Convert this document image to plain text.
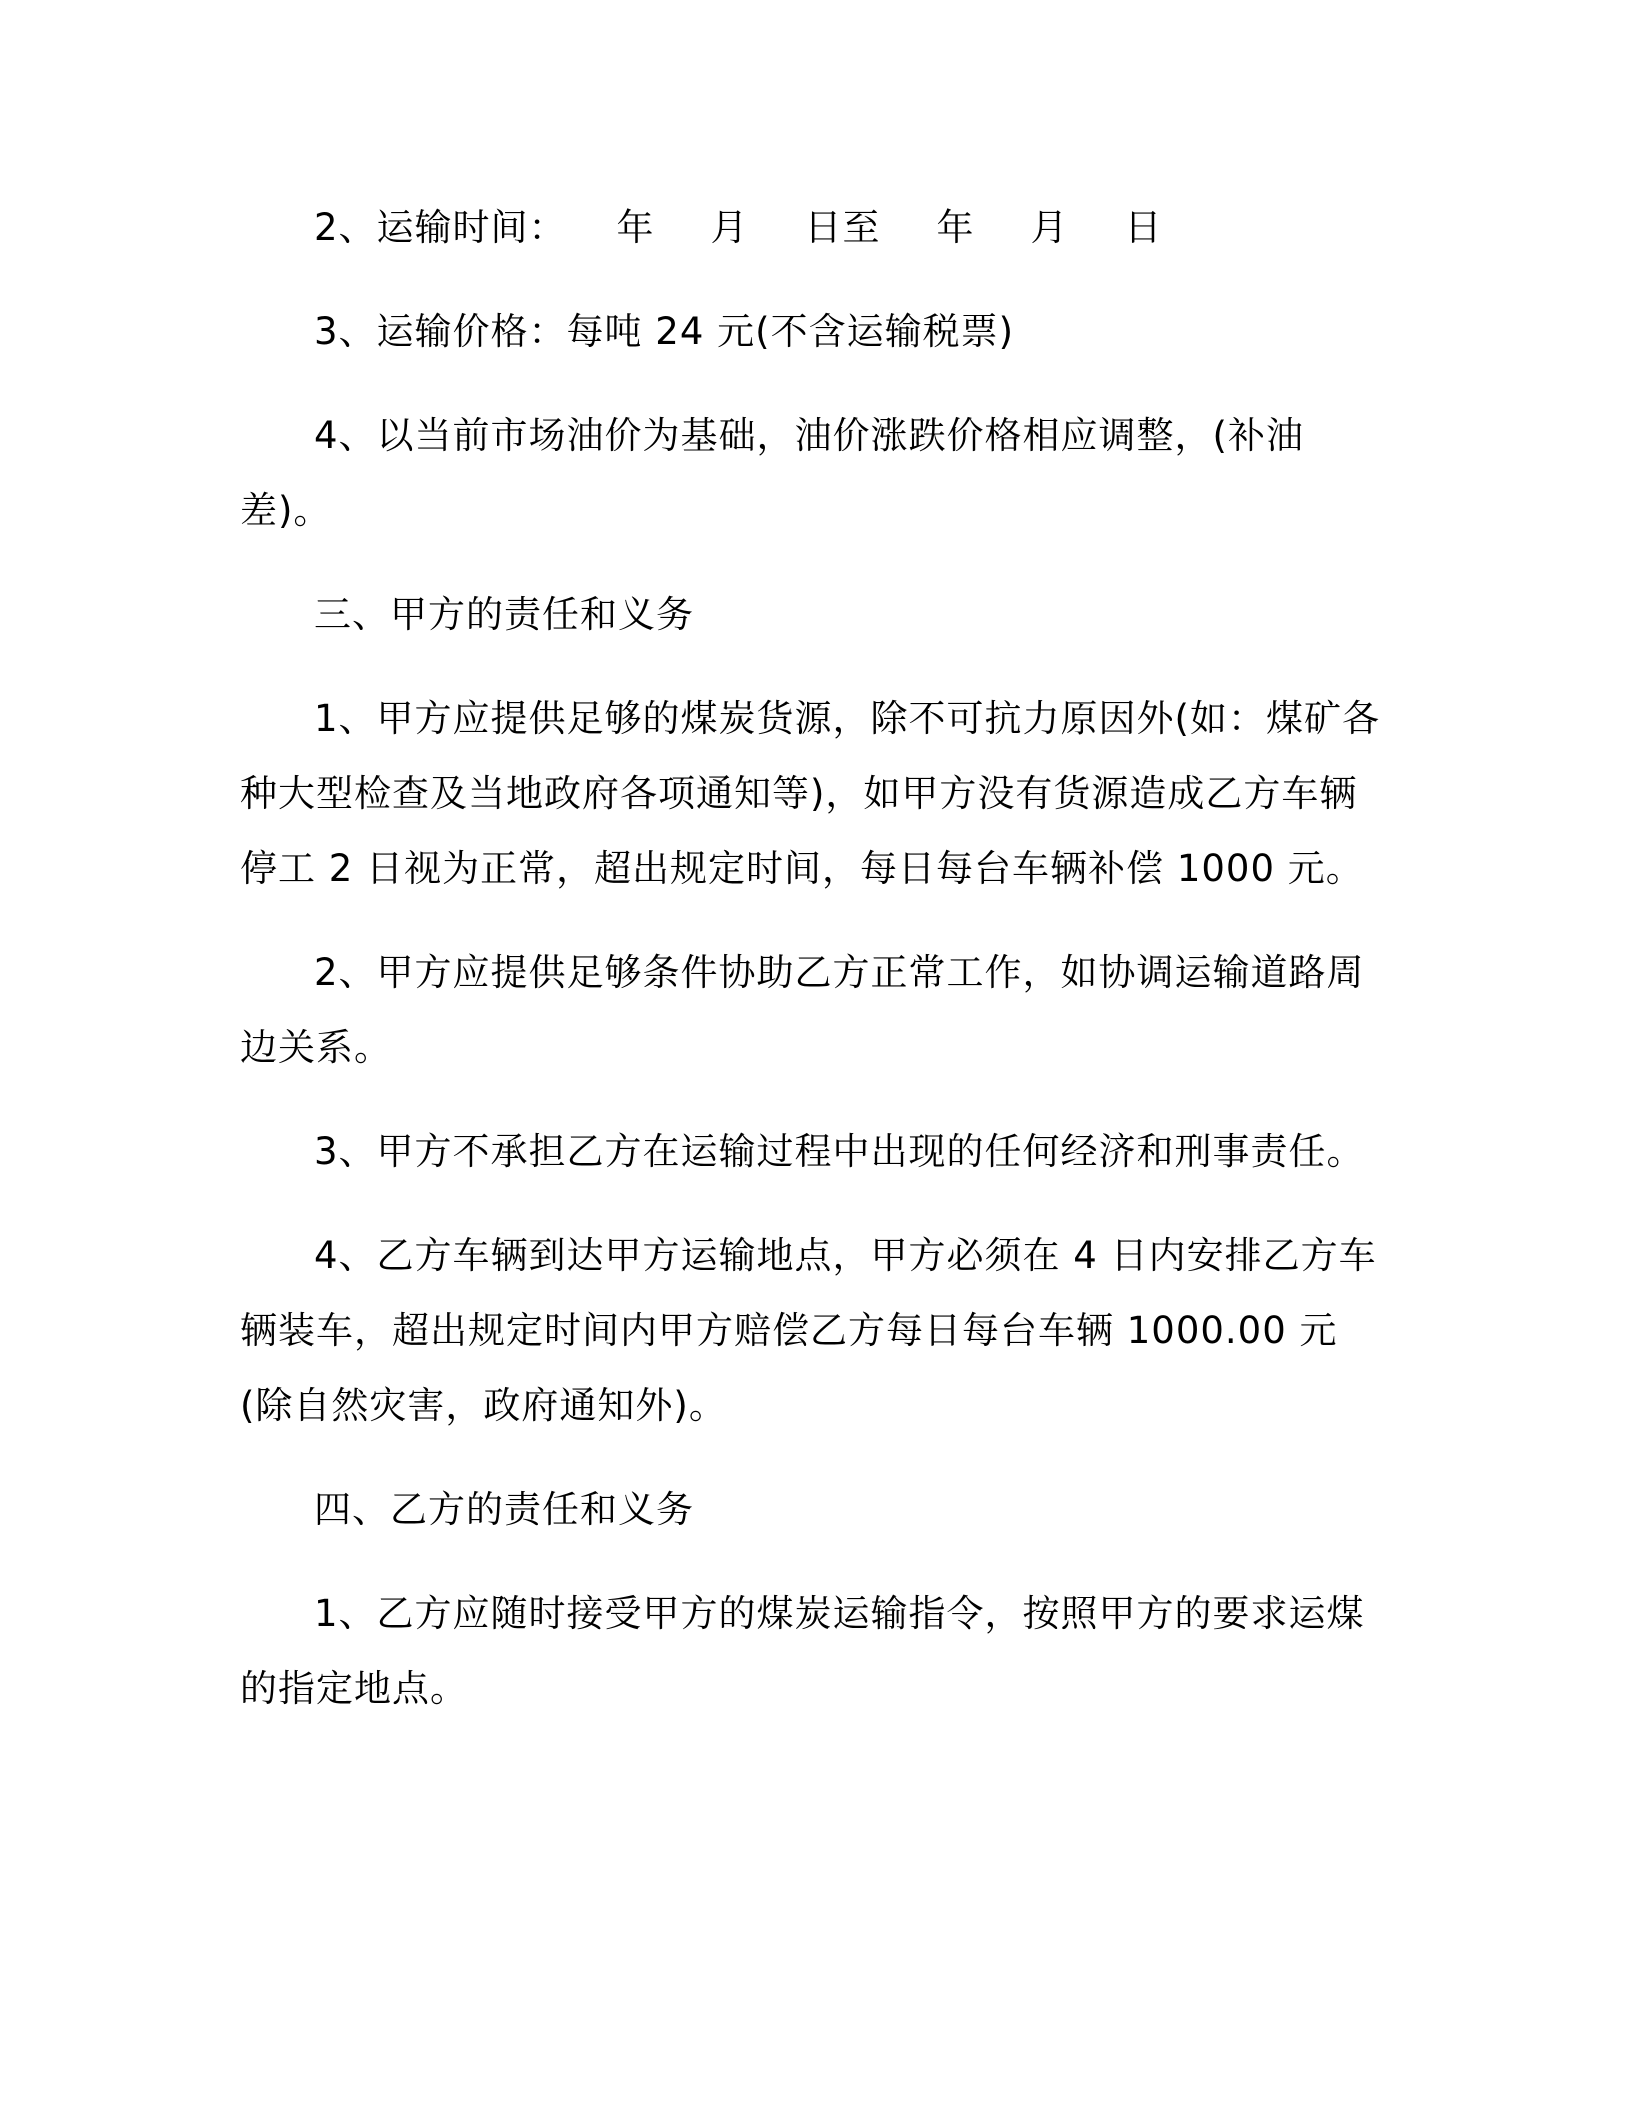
2、运输时间： 年 月 日至 年 月 日

3、运输价格：每吨 24 元(不含运输税票)

4、以当前市场油价为基础，油价涨跌价格相应调整，(补油差)。

三、甲方的责任和义务

1、甲方应提供足够的煤炭货源，除不可抗力原因外(如：煤矿各种大型检查及当地政府各项通知等)，如甲方没有货源造成乙方车辆停工 2 日视为正常，超出规定时间，每日每台车辆补偿 1000 元。

2、甲方应提供足够条件协助乙方正常工作，如协调运输道路周边关系。

3、甲方不承担乙方在运输过程中出现的任何经济和刑事责任。

4、乙方车辆到达甲方运输地点，甲方必须在 4 日内安排乙方车辆装车，超出规定时间内甲方赔偿乙方每日每台车辆 1000.00 元(除自然灾害，政府通知外)。

四、乙方的责任和义务

1、乙方应随时接受甲方的煤炭运输指令，按照甲方的要求运煤的指定地点。
